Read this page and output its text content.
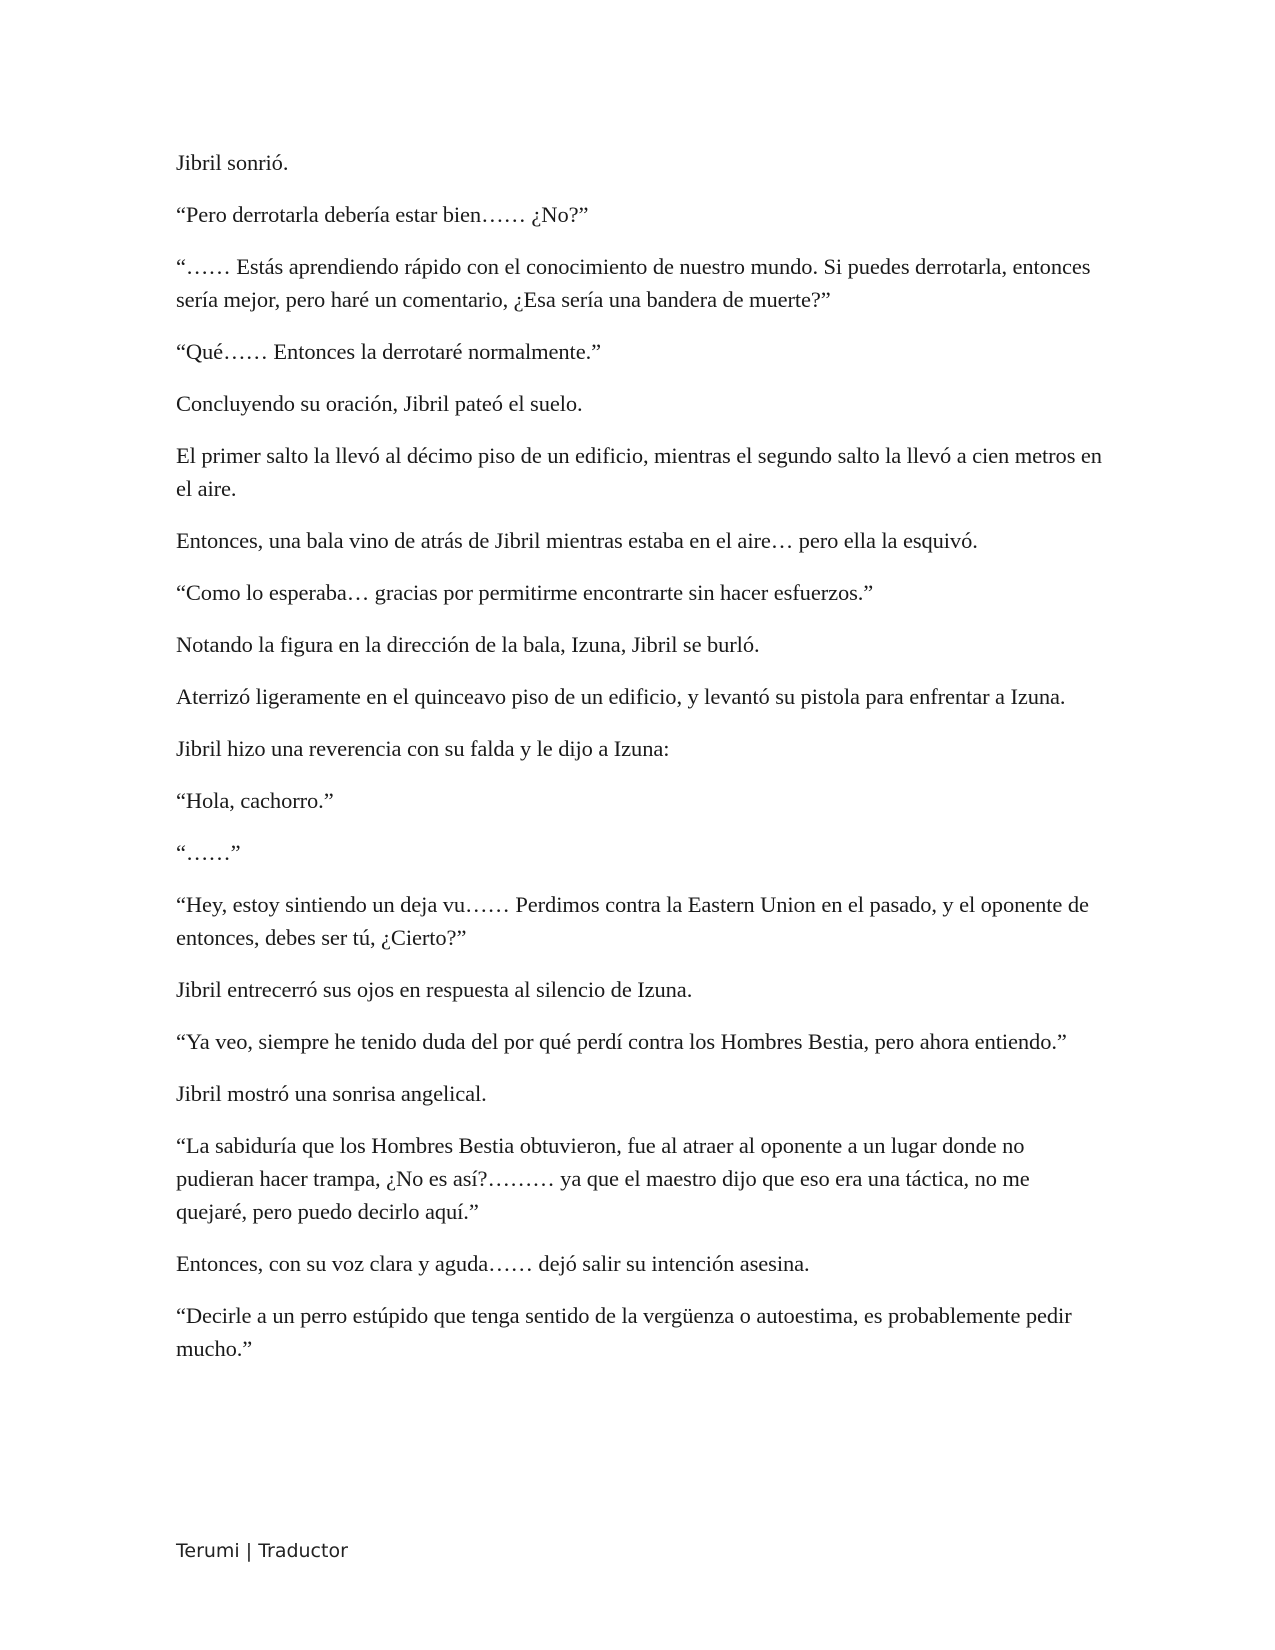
Jibril sonrió.

“Pero derrotarla debería estar bien…… ¿No?”

“…… Estás aprendiendo rápido con el conocimiento de nuestro mundo. Si puedes derrotarla, entonces sería mejor, pero haré un comentario, ¿Esa sería una bandera de muerte?”

“Qué…… Entonces la derrotaré normalmente.”

Concluyendo su oración, Jibril pateó el suelo.

El primer salto la llevó al décimo piso de un edificio, mientras el segundo salto la llevó a cien metros en el aire.

Entonces, una bala vino de atrás de Jibril mientras estaba en el aire… pero ella la esquivó.

“Como lo esperaba… gracias por permitirme encontrarte sin hacer esfuerzos.”

Notando la figura en la dirección de la bala, Izuna, Jibril se burló.

Aterrizó ligeramente en el quinceavo piso de un edificio, y levantó su pistola para enfrentar a Izuna.

Jibril hizo una reverencia con su falda y le dijo a Izuna:

“Hola, cachorro.”

“……”

“Hey, estoy sintiendo un deja vu…… Perdimos contra la Eastern Union en el pasado, y el oponente de entonces, debes ser tú, ¿Cierto?”

Jibril entrecerró sus ojos en respuesta al silencio de Izuna.

“Ya veo, siempre he tenido duda del por qué perdí contra los Hombres Bestia, pero ahora entiendo.”

Jibril mostró una sonrisa angelical.

“La sabiduría que los Hombres Bestia obtuvieron, fue al atraer al oponente a un lugar donde no pudieran hacer trampa, ¿No es así?……… ya que el maestro dijo que eso era una táctica, no me quejaré, pero puedo decirlo aquí.”

Entonces, con su voz clara y aguda…… dejó salir su intención asesina.

“Decirle a un perro estúpido que tenga sentido de la vergüenza o autoestima, es probablemente pedir mucho.”

Terumi | Traductor
